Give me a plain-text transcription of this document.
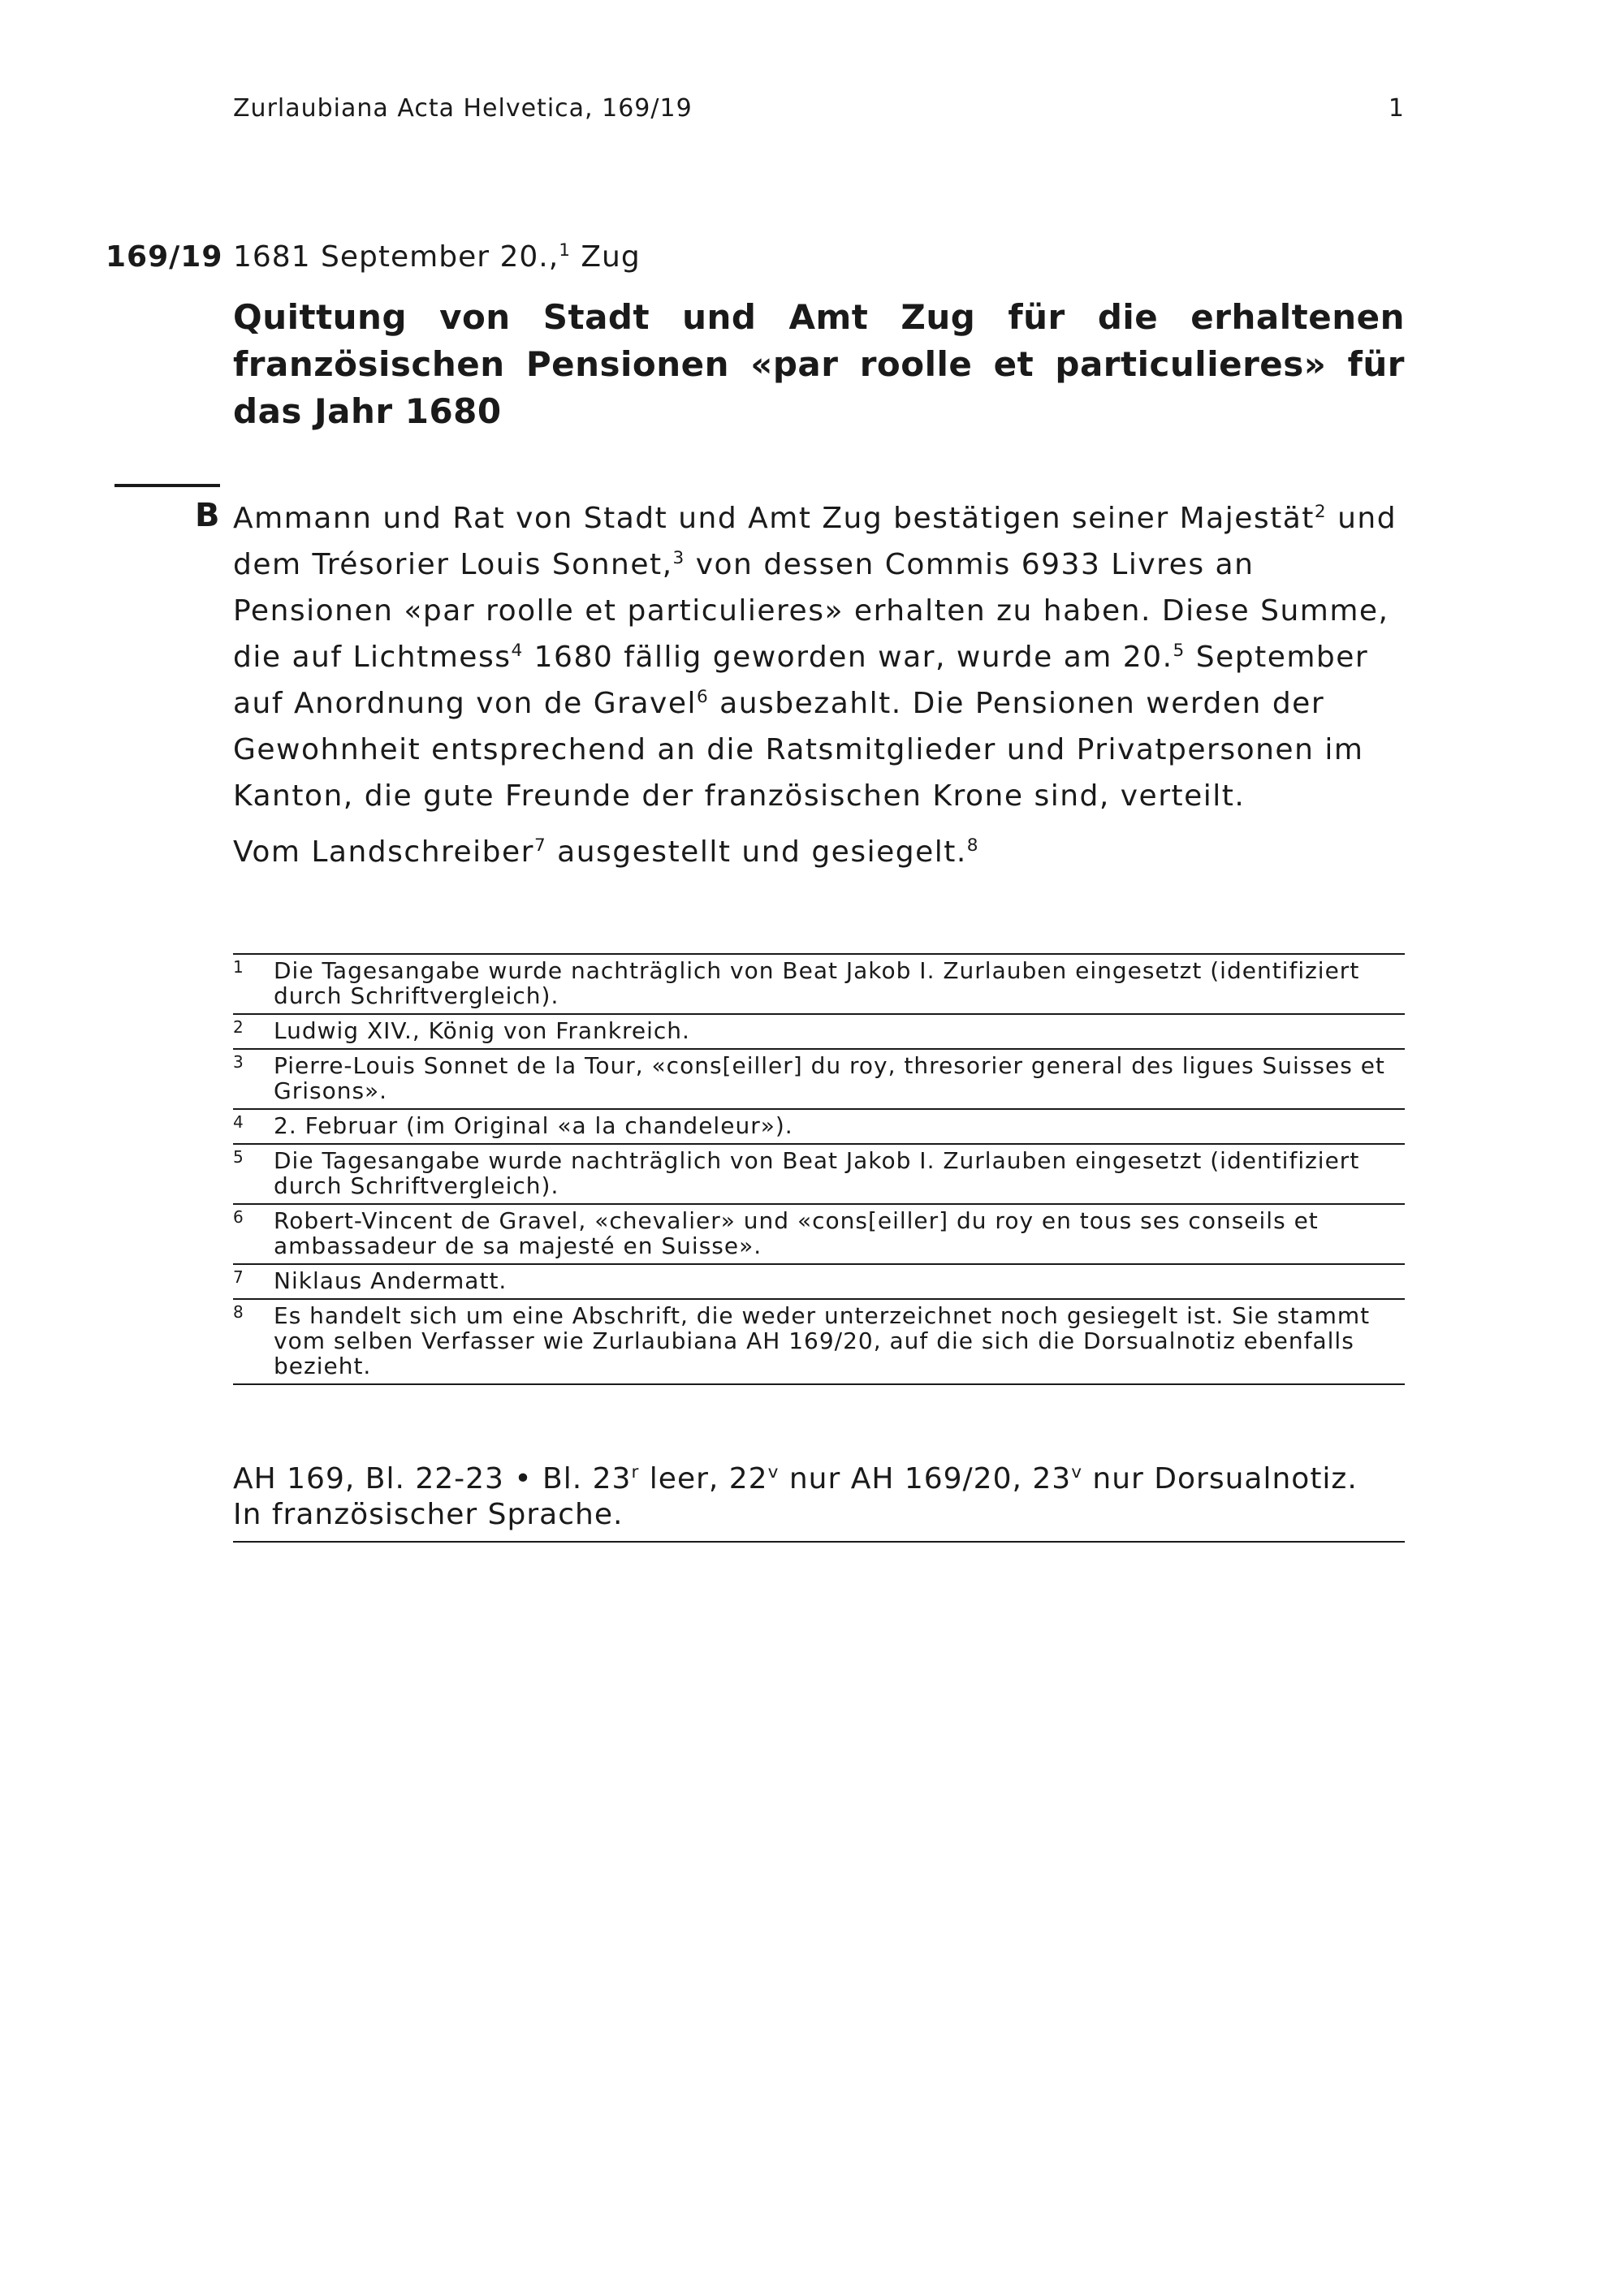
Zurlaubiana Acta Helvetica, 169/19	1
169/19 1681 September 20.,$^1$ Zug
Quittung von Stadt und Amt Zug für die erhaltenen französischen Pensionen «par roolle et particulieres» für das Jahr 1680
B Ammann und Rat von Stadt und Amt Zug bestätigen seiner Majestät$^2$ und dem Trésorier Louis Sonnet,$^3$ von dessen Commis 6933 Livres an Pensionen «par roolle et particulieres» erhalten zu haben. Diese Summe, die auf Lichtmess$^4$ 1680 fällig geworden war, wurde am 20.$^5$ September auf Anordnung von de Gravel$^6$ ausbezahlt. Die Pensionen werden der Gewohnheit entsprechend an die Ratsmitglieder und Privatpersonen im Kanton, die gute Freunde der französischen Krone sind, verteilt.

Vom Landschreiber$^7$ ausgestellt und gesiegelt.$^8$

1	Die Tagesangabe wurde nachträglich von Beat Jakob I. Zurlauben eingesetzt (identifiziert durch Schriftvergleich).
2	Ludwig XIV., König von Frankreich.
3	Pierre-Louis Sonnet de la Tour, «cons[eiller] du roy, thresorier general des ligues Suisses et Grisons».
4	2. Februar (im Original «a la chandeleur»).
5	Die Tagesangabe wurde nachträglich von Beat Jakob I. Zurlauben eingesetzt (identifiziert durch Schriftvergleich).
6	Robert-Vincent de Gravel, «chevalier» und «cons[eiller] du roy en tous ses conseils et ambassadeur de sa majesté en Suisse».
7	Niklaus Andermatt.
8	Es handelt sich um eine Abschrift, die weder unterzeichnet noch gesiegelt ist. Sie stammt vom selben Verfasser wie Zurlaubiana AH 169/20, auf die sich die Dorsualnotiz ebenfalls bezieht.
AH 169, Bl. 22-23 • Bl. 23$^r$ leer, 22$^v$ nur AH 169/20, 23$^v$ nur Dorsualnotiz.
In französischer Sprache.
